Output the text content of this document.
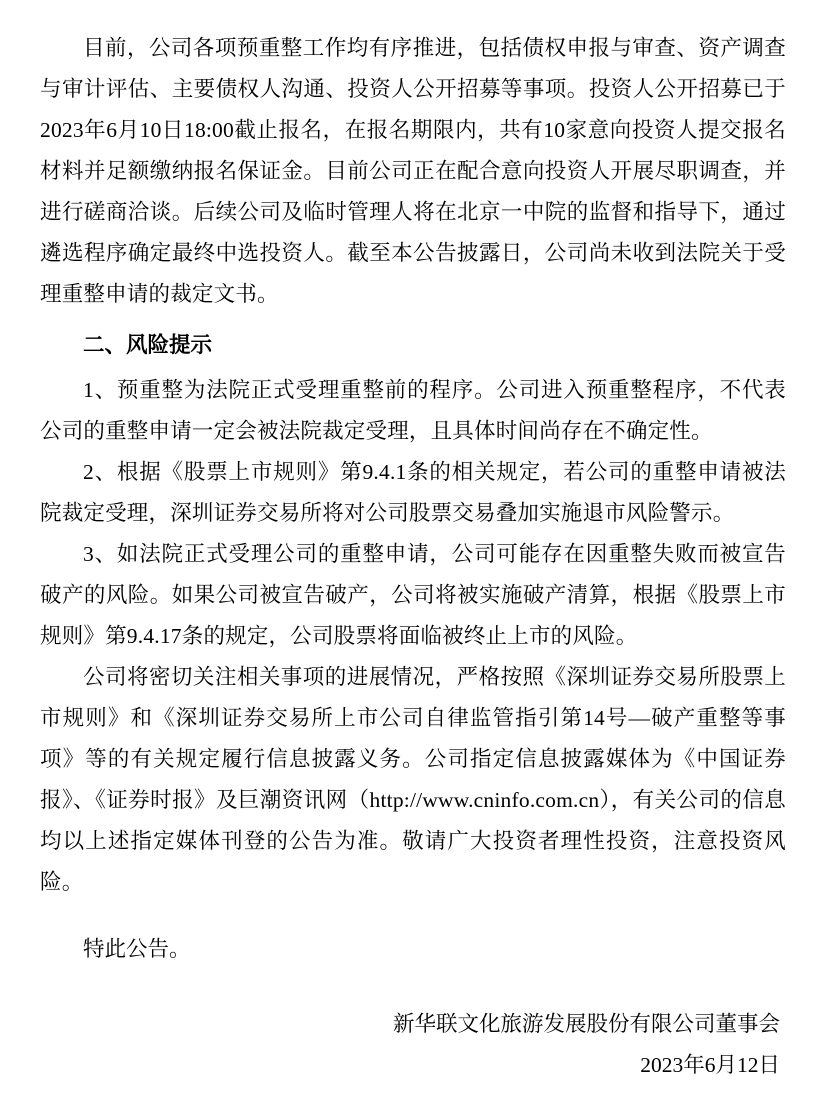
目前，公司各项预重整工作均有序推进，包括债权申报与审查、资产调查与审计评估、主要债权人沟通、投资人公开招募等事项。投资人公开招募已于2023年6月10日18:00截止报名，在报名期限内，共有10家意向投资人提交报名材料并足额缴纳报名保证金。目前公司正在配合意向投资人开展尽职调查，并进行磋商洽谈。后续公司及临时管理人将在北京一中院的监督和指导下，通过遴选程序确定最终中选投资人。截至本公告披露日，公司尚未收到法院关于受理重整申请的裁定文书。

二、风险提示

1、预重整为法院正式受理重整前的程序。公司进入预重整程序，不代表公司的重整申请一定会被法院裁定受理，且具体时间尚存在不确定性。

2、根据《股票上市规则》第9.4.1条的相关规定，若公司的重整申请被法院裁定受理，深圳证券交易所将对公司股票交易叠加实施退市风险警示。

3、如法院正式受理公司的重整申请，公司可能存在因重整失败而被宣告破产的风险。如果公司被宣告破产，公司将被实施破产清算，根据《股票上市规则》第9.4.17条的规定，公司股票将面临被终止上市的风险。

公司将密切关注相关事项的进展情况，严格按照《深圳证券交易所股票上市规则》和《深圳证券交易所上市公司自律监管指引第14号—破产重整等事项》等的有关规定履行信息披露义务。公司指定信息披露媒体为《中国证券报》、《证券时报》及巨潮资讯网（http://www.cninfo.com.cn），有关公司的信息均以上述指定媒体刊登的公告为准。敬请广大投资者理性投资，注意投资风险。

特此公告。

新华联文化旅游发展股份有限公司董事会

2023年6月12日
